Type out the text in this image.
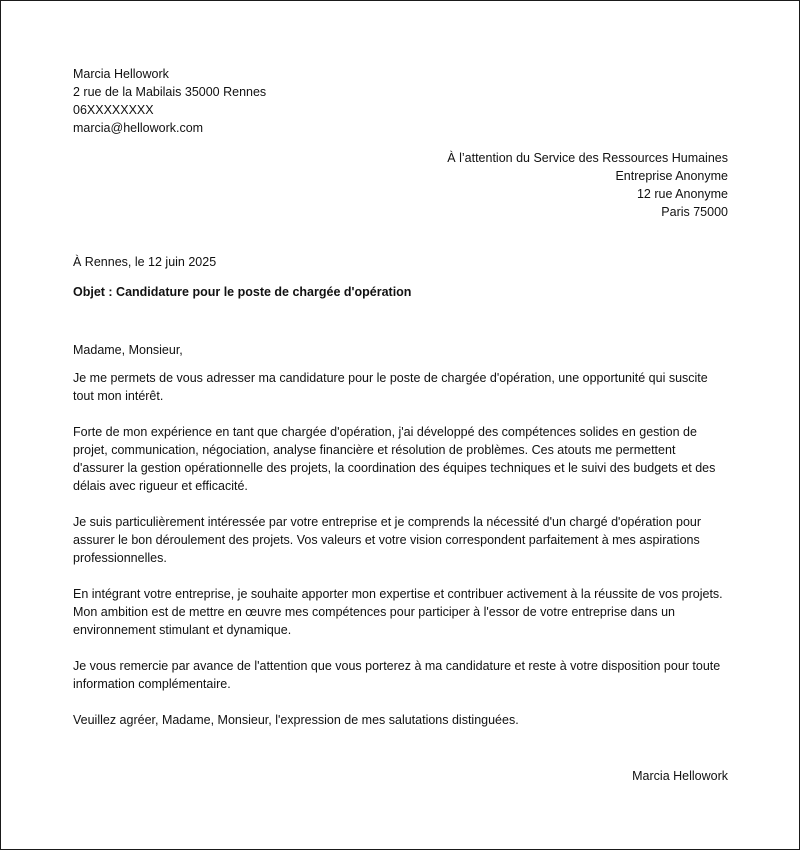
Marcia Hellowork
2 rue de la Mabilais 35000 Rennes
06XXXXXXXX
marcia@hellowork.com
À l’attention du Service des Ressources Humaines
Entreprise Anonyme
12 rue Anonyme
Paris 75000
À Rennes, le 12 juin 2025
Objet : Candidature pour le poste de chargée d'opération

Madame, Monsieur,

Je me permets de vous adresser ma candidature pour le poste de chargée d'opération, une opportunité qui suscite tout mon intérêt.

Forte de mon expérience en tant que chargée d'opération, j'ai développé des compétences solides en gestion de projet, communication, négociation, analyse financière et résolution de problèmes. Ces atouts me permettent d'assurer la gestion opérationnelle des projets, la coordination des équipes techniques et le suivi des budgets et des délais avec rigueur et efficacité.

Je suis particulièrement intéressée par votre entreprise et je comprends la nécessité d'un chargé d'opération pour assurer le bon déroulement des projets. Vos valeurs et votre vision correspondent parfaitement à mes aspirations professionnelles.

En intégrant votre entreprise, je souhaite apporter mon expertise et contribuer activement à la réussite de vos projets. Mon ambition est de mettre en œuvre mes compétences pour participer à l'essor de votre entreprise dans un environnement stimulant et dynamique.

Je vous remercie par avance de l'attention que vous porterez à ma candidature et reste à votre disposition pour toute information complémentaire.

Veuillez agréer, Madame, Monsieur, l'expression de mes salutations distinguées.

Marcia Hellowork
